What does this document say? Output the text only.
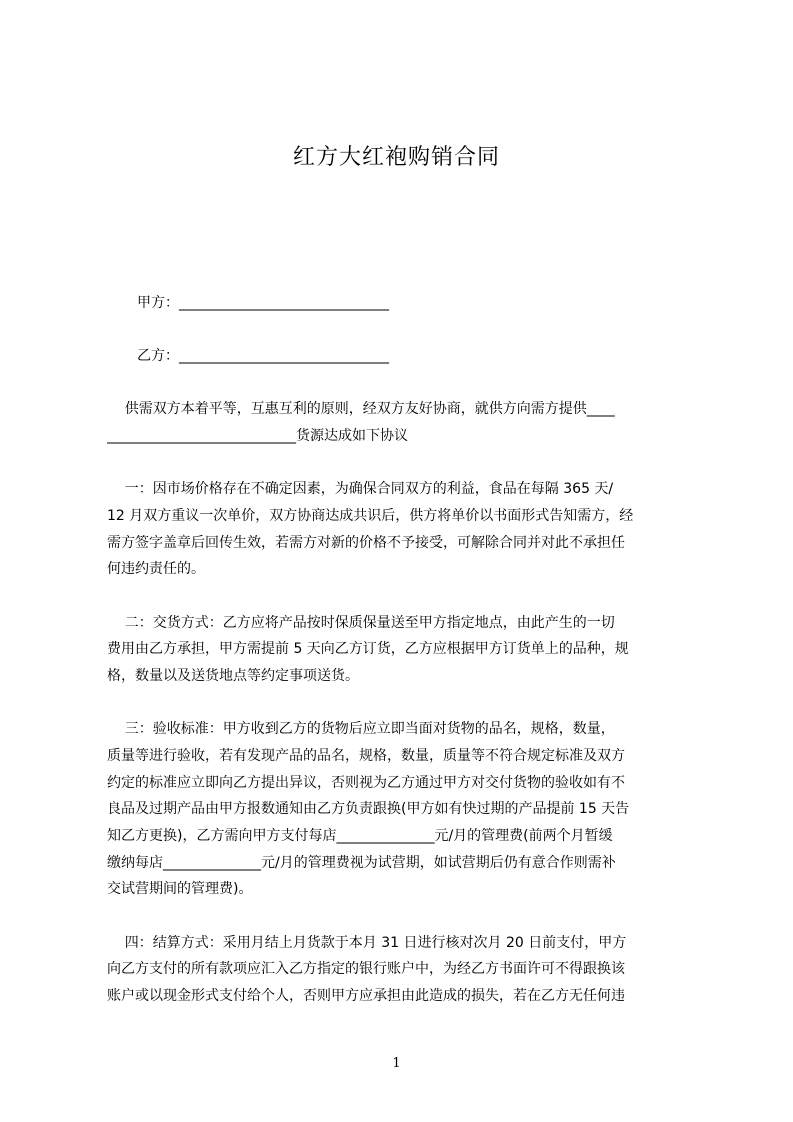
红方大红袍购销合同
甲方：______________________________
乙方：______________________________
供需双方本着平等，互惠互利的原则，经双方友好协商，就供方向需方提供____
___________________________货源达成如下协议
一：因市场价格存在不确定因素，为确保合同双方的利益，食品在每隔 365 天/
12 月双方重议一次单价，双方协商达成共识后，供方将单价以书面形式告知需方，经
需方签字盖章后回传生效，若需方对新的价格不予接受，可解除合同并对此不承担任
何违约责任的。
二：交货方式：乙方应将产品按时保质保量送至甲方指定地点，由此产生的一切
费用由乙方承担，甲方需提前 5 天向乙方订货，乙方应根据甲方订货单上的品种，规
格，数量以及送货地点等约定事项送货。
三：验收标准：甲方收到乙方的货物后应立即当面对货物的品名，规格，数量，
质量等进行验收，若有发现产品的品名，规格，数量，质量等不符合规定标准及双方
约定的标准应立即向乙方提出异议，否则视为乙方通过甲方对交付货物的验收如有不
良品及过期产品由甲方报数通知由乙方负责跟换(甲方如有快过期的产品提前 15 天告
知乙方更换)，乙方需向甲方支付每店______________元/月的管理费(前两个月暂缓
缴纳每店______________元/月的管理费视为试营期，如试营期后仍有意合作则需补
交试营期间的管理费)。
四：结算方式：采用月结上月货款于本月 31 日进行核对次月 20 日前支付，甲方
向乙方支付的所有款项应汇入乙方指定的银行账户中，为经乙方书面许可不得跟换该
账户或以现金形式支付给个人，否则甲方应承担由此造成的损失，若在乙方无任何违
1
